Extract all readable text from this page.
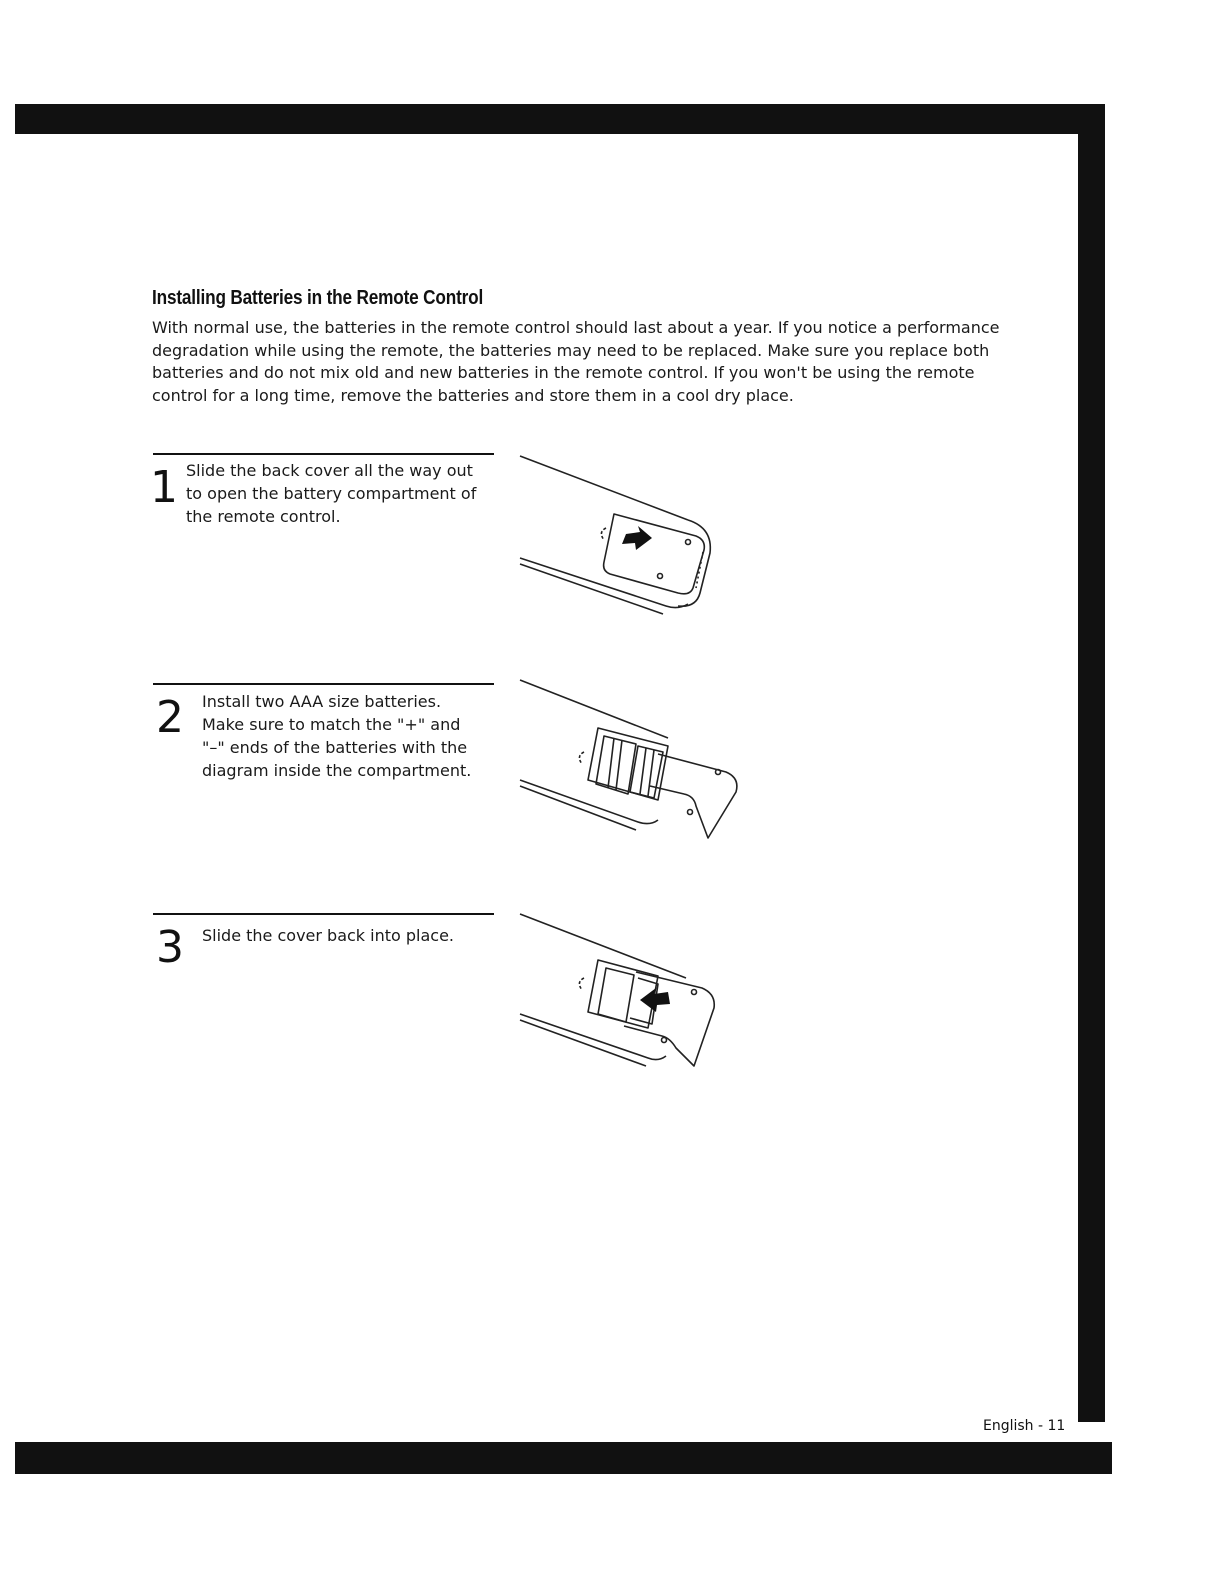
Installing Batteries in the Remote Control

With normal use, the batteries in the remote control should last about a year. If you notice a performance
degradation while using the remote, the batteries may need to be replaced. Make sure you replace both
batteries and do not mix old and new batteries in the remote control. If you won't be using the remote
control for a long time, remove the batteries and store them in a cool dry place.

1 Slide the back cover all the way out
to open the battery compartment of
the remote control.

2 Install two AAA size batteries.
Make sure to match the "+" and
"–" ends of the batteries with the
diagram inside the compartment.

3 Slide the cover back into place.

English - 11
